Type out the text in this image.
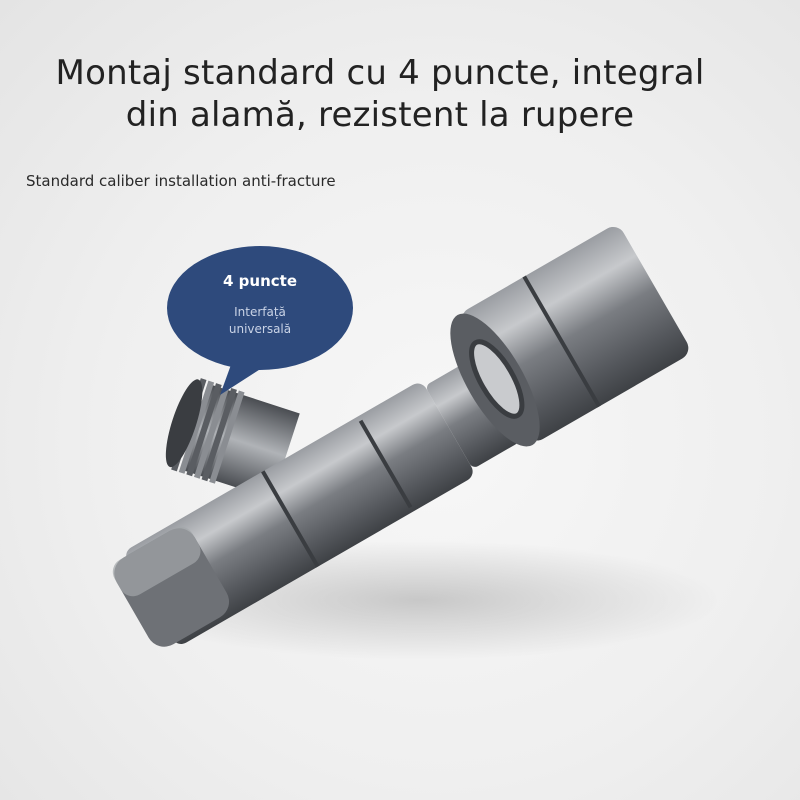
Montaj standard cu 4 puncte, integral
din alamă, rezistent la rupere
Standard caliber installation anti-fracture
4 puncte
Interfață
universală
